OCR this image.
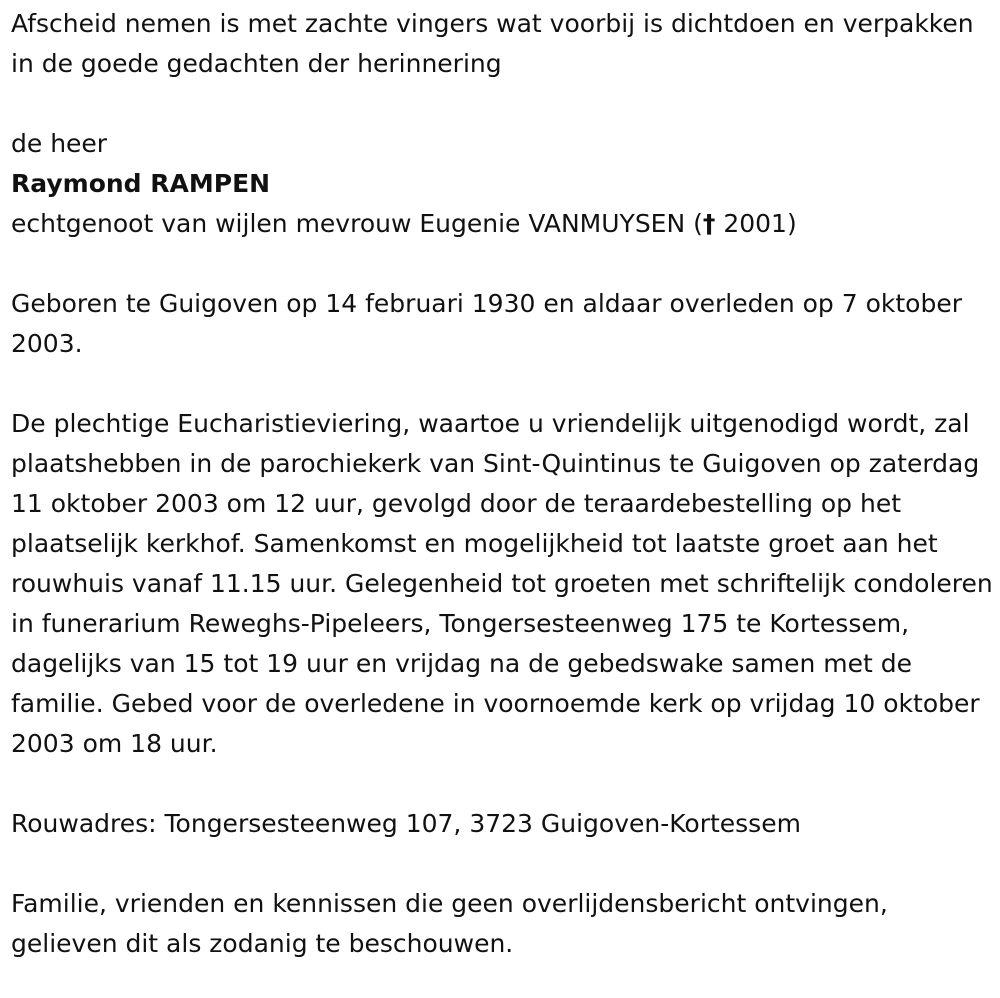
Afscheid nemen is met zachte vingers wat voorbij is dichtdoen en verpakken in de goede gedachten der herinnering

de heer

Raymond RAMPEN

echtgenoot van wijlen mevrouw Eugenie VANMUYSEN († 2001)

Geboren te Guigoven op 14 februari 1930 en aldaar overleden op 7 oktober 2003.

De plechtige Eucharistieviering, waartoe u vriendelijk uitgenodigd wordt, zal plaatshebben in de parochiekerk van Sint-Quintinus te Guigoven op zaterdag 11 oktober 2003 om 12 uur, gevolgd door de teraardebestelling op het plaatselijk kerkhof. Samenkomst en mogelijkheid tot laatste groet aan het rouwhuis vanaf 11.15 uur. Gelegenheid tot groeten met schriftelijk condoleren in funerarium Reweghs-Pipeleers, Tongersesteenweg 175 te Kortessem, dagelijks van 15 tot 19 uur en vrijdag na de gebedswake samen met de familie. Gebed voor de overledene in voornoemde kerk op vrijdag 10 oktober 2003 om 18 uur.

Rouwadres: Tongersesteenweg 107, 3723 Guigoven-Kortessem

Familie, vrienden en kennissen die geen overlijdensbericht ontvingen, gelieven dit als zodanig te beschouwen.
